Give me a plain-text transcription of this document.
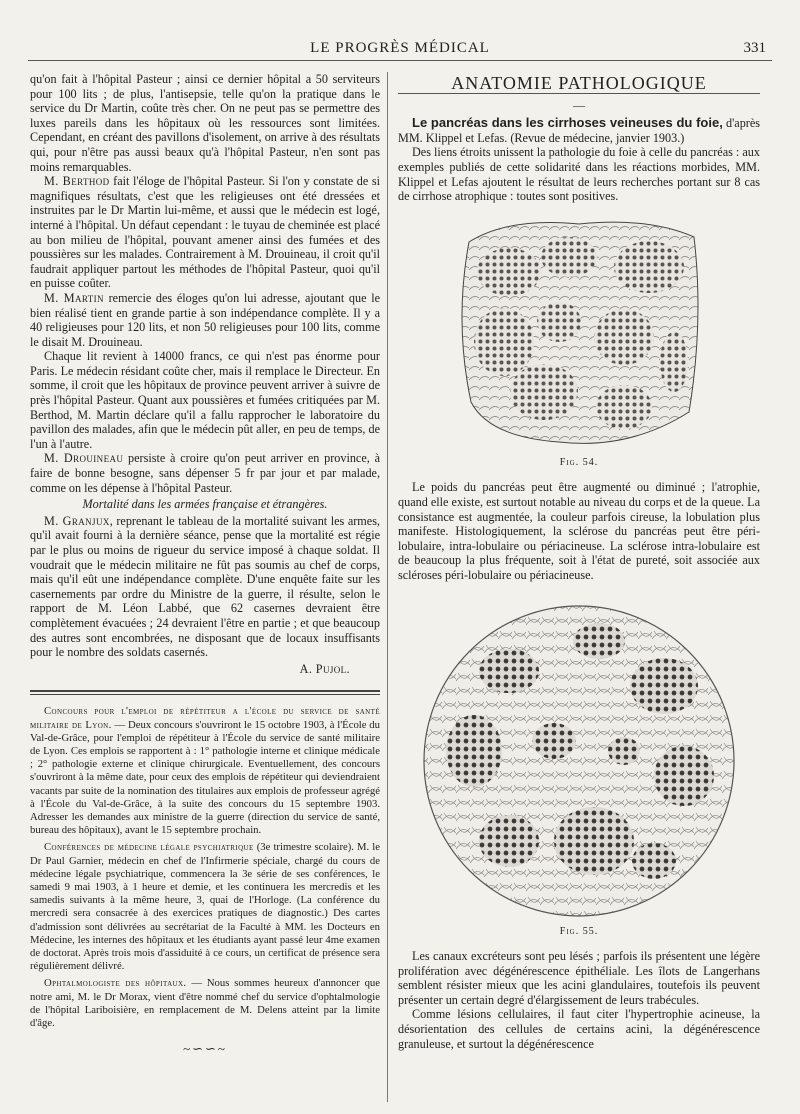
LE PROGRÈS MÉDICAL	331

qu'on fait à l'hôpital Pasteur ; ainsi ce dernier hôpital a 50 serviteurs pour 100 lits ; de plus, l'antisepsie, telle qu'on la pratique dans le service du Dr Martin, coûte très cher. On ne peut pas se permettre des luxes pareils dans les hôpitaux où les ressources sont limitées. Cependant, en créant des pavillons d'isolement, on arrive à des résultats qui, pour n'être pas aussi beaux qu'à l'hôpital Pasteur, n'en sont pas moins remarquables.

M. Berthod fait l'éloge de l'hôpital Pasteur. Si l'on y constate de si magnifiques résultats, c'est que les religieuses ont été dressées et instruites par le Dr Martin lui-même, et aussi que le médecin est logé, interné à l'hôpital. Un défaut cependant : le tuyau de cheminée est placé au bon milieu de l'hôpital, pouvant amener ainsi des fumées et des poussières sur les malades. Contrairement à M. Drouineau, il croit qu'il faudrait appliquer partout les méthodes de l'hôpital Pasteur, quoi qu'il en puisse coûter.

M. Martin remercie des éloges qu'on lui adresse, ajoutant que le bien réalisé tient en grande partie à son indépendance complète. Il y a 40 religieuses pour 120 lits, et non 50 religieuses pour 100 lits, comme le disait M. Drouineau.

Chaque lit revient à 14000 francs, ce qui n'est pas énorme pour Paris. Le médecin résidant coûte cher, mais il remplace le Directeur. En somme, il croit que les hôpitaux de province peuvent arriver à suivre de près l'hôpital Pasteur. Quant aux poussières et fumées critiquées par M. Berthod, M. Martin déclare qu'il a fallu rapprocher le laboratoire du pavillon des malades, afin que le médecin pût aller, en peu de temps, de l'un à l'autre.

M. Drouineau persiste à croire qu'on peut arriver en province, à faire de bonne besogne, sans dépenser 5 fr par jour et par malade, comme on les dépense à l'hôpital Pasteur.

Mortalité dans les armées française et étrangères.

M. Granjux, reprenant le tableau de la mortalité suivant les armes, qu'il avait fourni à la dernière séance, pense que la mortalité est régie par le plus ou moins de rigueur du service imposé à chaque soldat. Il voudrait que le médecin militaire ne fût pas soumis au chef de corps, mais qu'il eût une indépendance complète. D'une enquête faite sur les casernements par ordre du Ministre de la guerre, il résulte, selon le rapport de M. Léon Labbé, que 62 casernes devraient être complètement évacuées ; 24 devraient l'être en partie ; et que beaucoup des autres sont encombrées, ne disposant que de locaux insuffisants pour le nombre des soldats casernés.

A. Pujol.

Concours pour l'emploi de répétiteur a l'école du service de santé militaire de Lyon. — Deux concours s'ouvriront le 15 octobre 1903, à l'École du Val-de-Grâce, pour l'emploi de répétiteur à l'École du service de santé militaire de Lyon. Ces emplois se rapportent à : 1° pathologie interne et clinique médicale ; 2° pathologie externe et clinique chirurgicale. Eventuellement, des concours s'ouvriront à la même date, pour ceux des emplois de répétiteur qui deviendraient vacants par suite de la nomination des titulaires aux emplois de professeur agrégé à l'École du Val-de-Grâce, à la suite des concours du 15 septembre 1903. Adresser les demandes aux ministre de la guerre (direction du service de santé, bureau des hôpitaux), avant le 15 septembre prochain.

Conférences de médecine légale psychiatrique (3e trimestre scolaire). M. le Dr Paul Garnier, médecin en chef de l'Infirmerie spéciale, chargé du cours de médecine légale psychiatrique, commencera la 3e série de ses conférences, le samedi 9 mai 1903, à 1 heure et demie, et les continuera les mercredis et les samedis suivants à la même heure, 3, quai de l'Horloge. (La conférence du mercredi sera consacrée à des exercices pratiques de diagnostic.) Des cartes d'admission sont délivrées au secrétariat de la Faculté à MM. les Docteurs en Médecine, les internes des hôpitaux et les étudiants ayant passé leur 4me examen de doctorat. Après trois mois d'assiduité à ce cours, un certificat de présence sera régulièrement délivré.

Ophtalmologiste des hôpitaux. — Nous sommes heureux d'annoncer que notre ami, M. le Dr Morax, vient d'être nommé chef du service d'ophtalmologie de l'hôpital Lariboisière, en remplacement de M. Delens atteint par la limite d'âge.

~∽∽~
ANATOMIE PATHOLOGIQUE
—

Le pancréas dans les cirrhoses veineuses du foie, d'après MM. Klippel et Lefas. (Revue de médecine, janvier 1903.)

Des liens étroits unissent la pathologie du foie à celle du pancréas : aux exemples publiés de cette solidarité dans les réactions morbides, MM. Klippel et Lefas ajoutent le résultat de leurs recherches portant sur 8 cas de cirrhose atrophique : toutes sont positives.

Fig. 54.

Le poids du pancréas peut être augmenté ou diminué ; l'atrophie, quand elle existe, est surtout notable au niveau du corps et de la queue. La consistance est augmentée, la couleur parfois cireuse, la lobulation plus manifeste. Histologiquement, la sclérose du pancréas peut être péri-lobulaire, intra-lobulaire ou périacineuse. La sclérose intra-lobulaire est de beaucoup la plus fréquente, soit à l'état de pureté, soit associée aux scléroses péri-lobulaire ou périacineuse.

Fig. 55.

Les canaux excréteurs sont peu lésés ; parfois ils présentent une légère prolifération avec dégénérescence épithéliale. Les îlots de Langerhans semblent résister mieux que les acini glandulaires, toutefois ils peuvent présenter un certain degré d'élargissement de leurs trabécules.

Comme lésions cellulaires, il faut citer l'hypertrophie acineuse, la désorientation des cellules de certains acini, la dégénérescence granuleuse, et surtout la dégénérescence
